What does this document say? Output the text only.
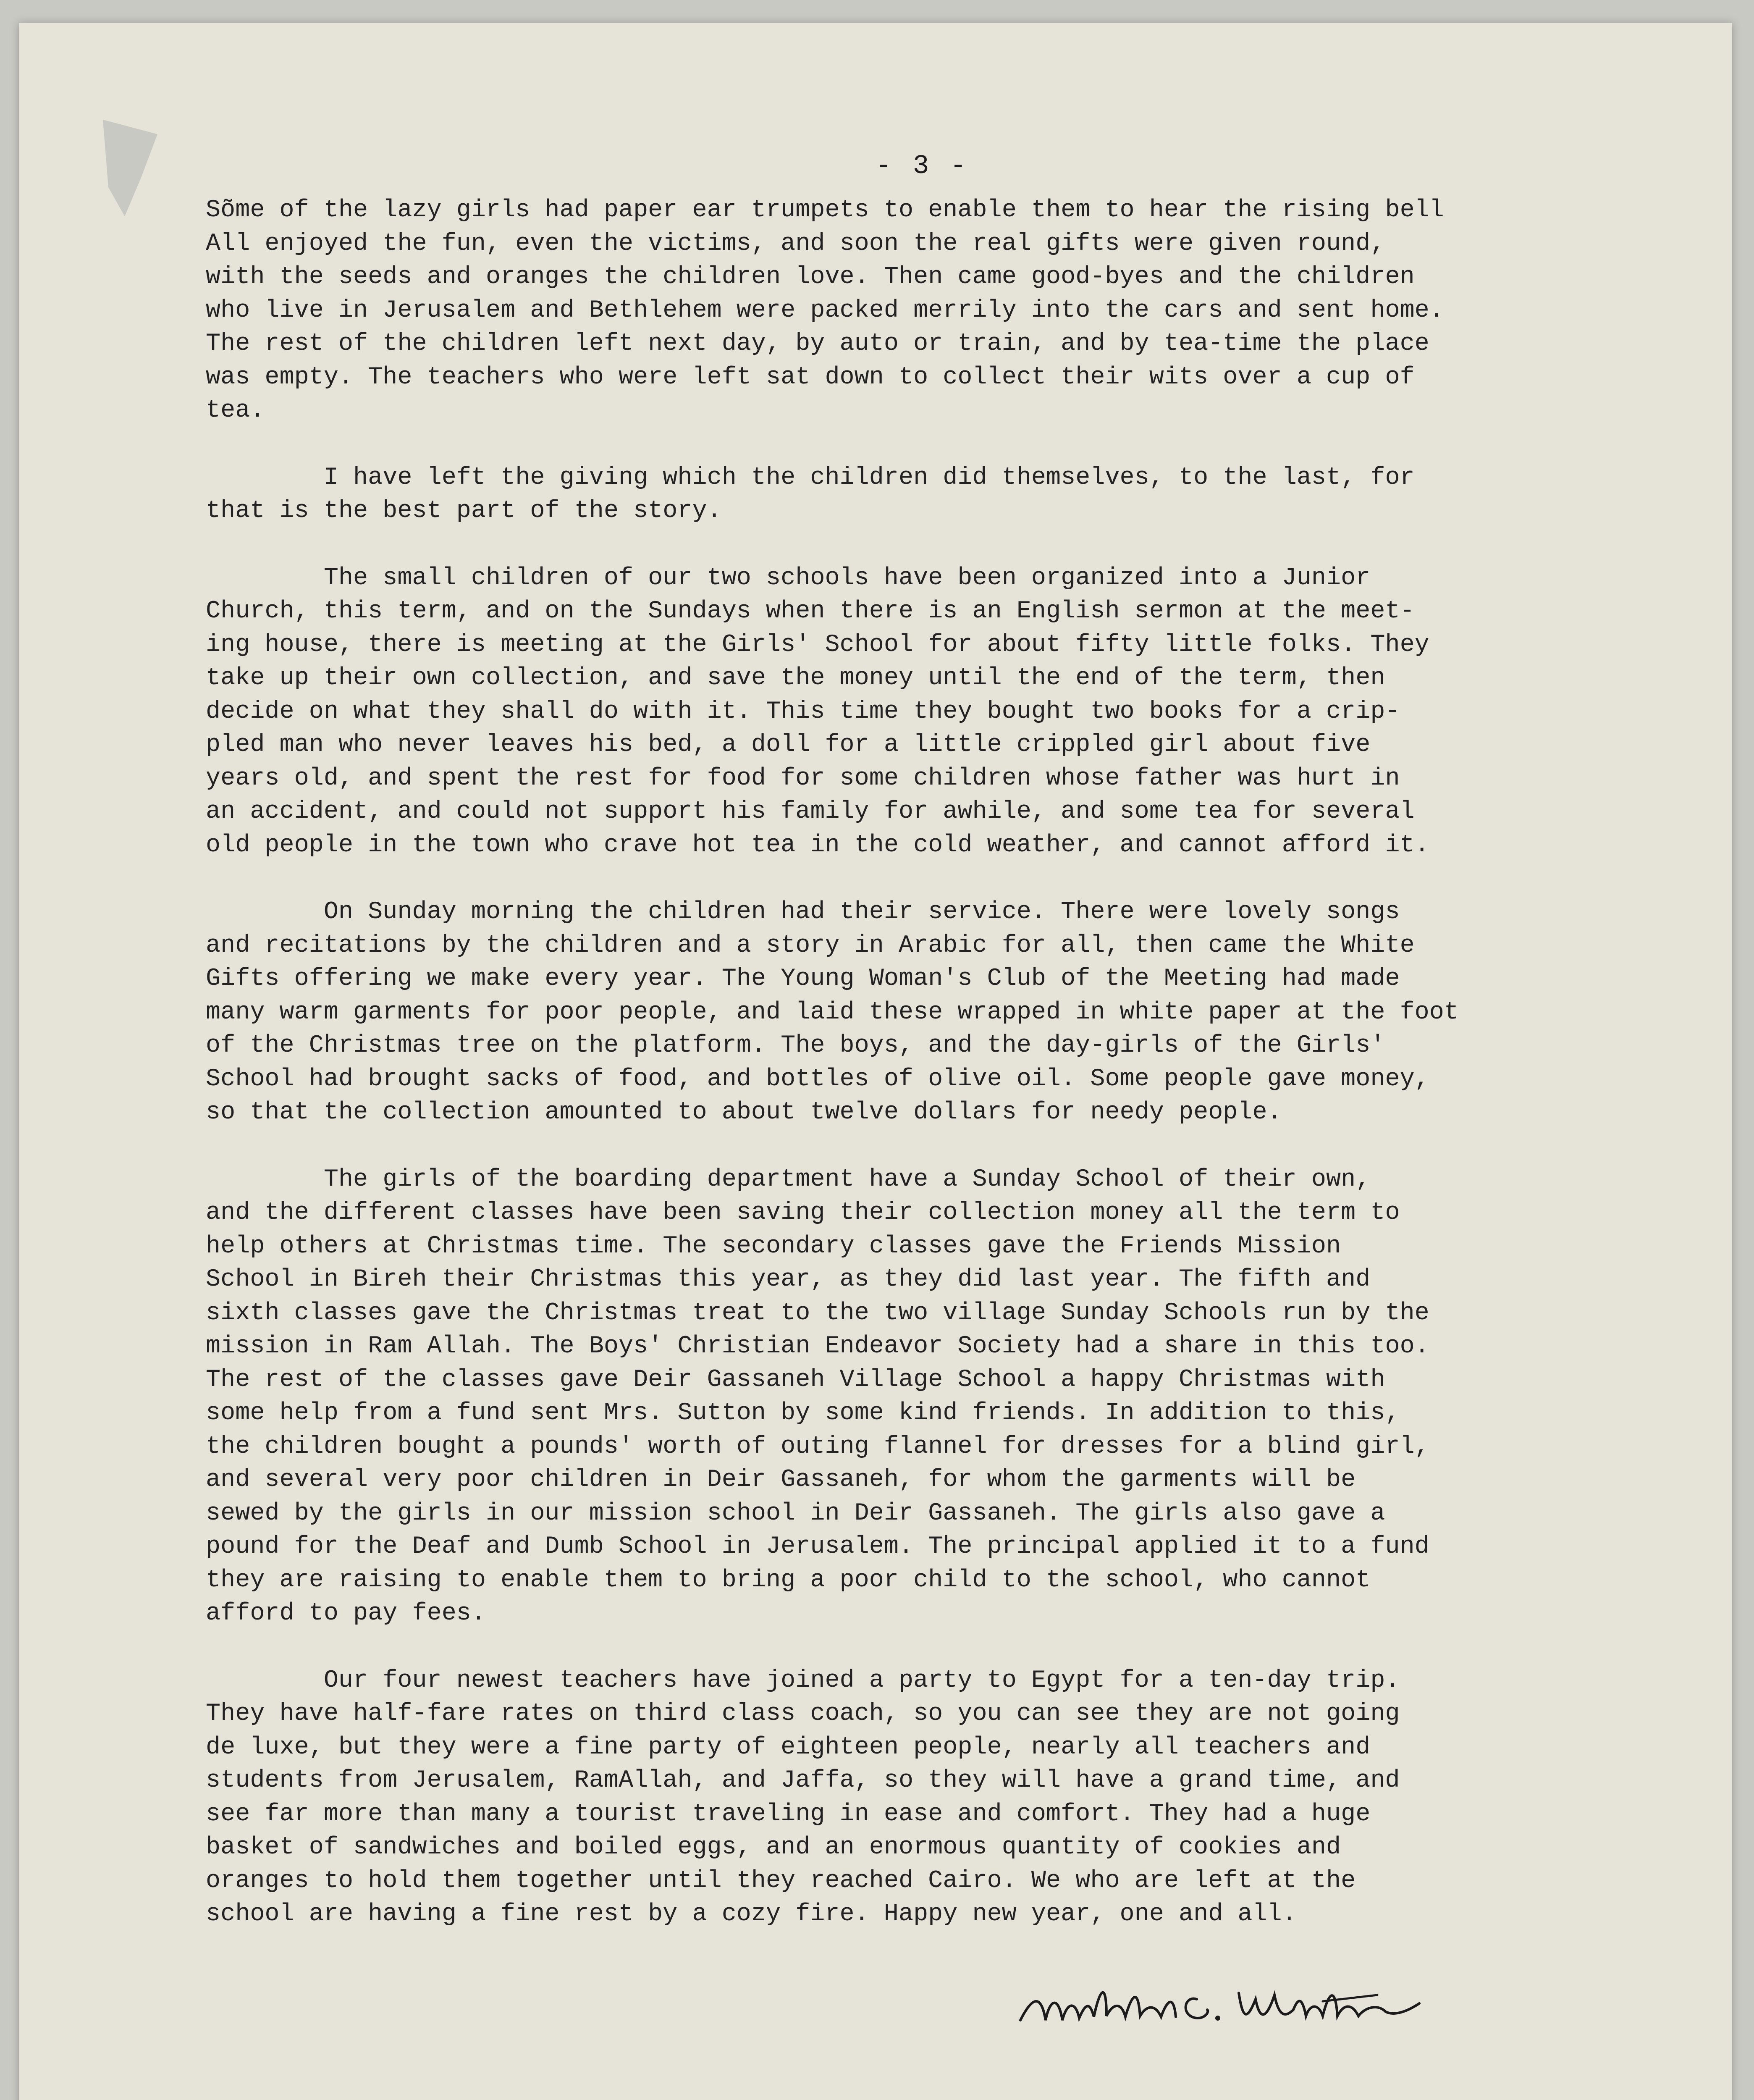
- 3 -
Sõme of the lazy girls had paper ear trumpets to enable them to hear the rising bell
All enjoyed the fun, even the victims, and soon the real gifts were given round,
with the seeds and oranges the children love. Then came good-byes and the children
who live in Jerusalem and Bethlehem were packed merrily into the cars and sent home.
The rest of the children left next day, by auto or train, and by tea-time the place
was empty. The teachers who were left sat down to collect their wits over a cup of
tea.
I have left the giving which the children did themselves, to the last, for
that is the best part of the story.
The small children of our two schools have been organized into a Junior
Church, this term, and on the Sundays when there is an English sermon at the meet-
ing house, there is meeting at the Girls' School for about fifty little folks. They
take up their own collection, and save the money until the end of the term, then
decide on what they shall do with it. This time they bought two books for a crip-
pled man who never leaves his bed, a doll for a little crippled girl about five
years old, and spent the rest for food for some children whose father was hurt in
an accident, and could not support his family for awhile, and some tea for several
old people in the town who crave hot tea in the cold weather, and cannot afford it.
On Sunday morning the children had their service. There were lovely songs
and recitations by the children and a story in Arabic for all, then came the White
Gifts offering we make every year. The Young Woman's Club of the Meeting had made
many warm garments for poor people, and laid these wrapped in white paper at the foot
of the Christmas tree on the platform. The boys, and the day-girls of the Girls'
School had brought sacks of food, and bottles of olive oil. Some people gave money,
so that the collection amounted to about twelve dollars for needy people.
The girls of the boarding department have a Sunday School of their own,
and the different classes have been saving their collection money all the term to
help others at Christmas time. The secondary classes gave the Friends Mission
School in Bireh their Christmas this year, as they did last year. The fifth and
sixth classes gave the Christmas treat to the two village Sunday Schools run by the
mission in Ram Allah. The Boys' Christian Endeavor Society had a share in this too.
The rest of the classes gave Deir Gassaneh Village School a happy Christmas with
some help from a fund sent Mrs. Sutton by some kind friends. In addition to this,
the children bought a pounds' worth of outing flannel for dresses for a blind girl,
and several very poor children in Deir Gassaneh, for whom the garments will be
sewed by the girls in our mission school in Deir Gassaneh. The girls also gave a
pound for the Deaf and Dumb School in Jerusalem. The principal applied it to a fund
they are raising to enable them to bring a poor child to the school, who cannot
afford to pay fees.
Our four newest teachers have joined a party to Egypt for a ten-day trip.
They have half-fare rates on third class coach, so you can see they are not going
de luxe, but they were a fine party of eighteen people, nearly all teachers and
students from Jerusalem, RamAllah, and Jaffa, so they will have a grand time, and
see far more than many a tourist traveling in ease and comfort. They had a huge
basket of sandwiches and boiled eggs, and an enormous quantity of cookies and
oranges to hold them together until they reached Cairo. We who are left at the
school are having a fine rest by a cozy fire. Happy new year, one and all.
